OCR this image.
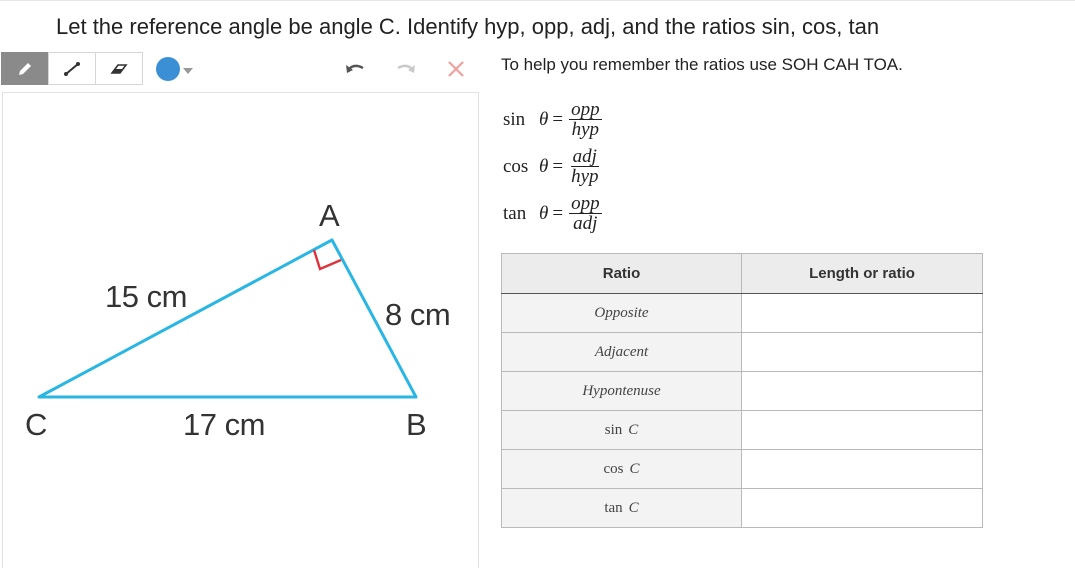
Let the reference angle be angle C. Identify hyp, opp, adj, and the ratios sin, cos, tan
A
B
C
15 cm
8 cm
17 cm
To help you remember the ratios use SOH CAH TOA.
$\sin \theta = \frac{\text{opp}}{\text{hyp}}$
$\cos \theta = \frac{\text{adj}}{\text{hyp}}$
$\tan \theta = \frac{\text{opp}}{\text{adj}}$
Ratio	Length or ratio
Opposite	
Adjacent	
Hypontenuse	
sin C	
cos C	
tan C	
